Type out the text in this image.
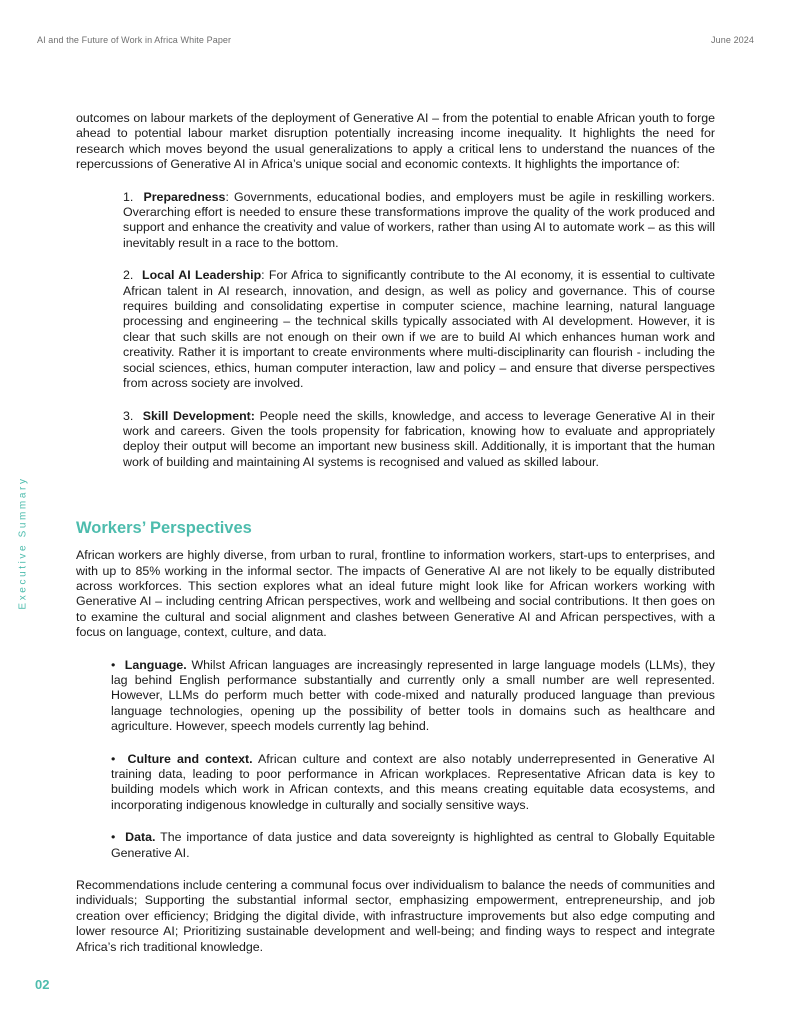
AI and the Future of Work in Africa White Paper	June 2024
Executive Summary

outcomes on labour markets of the deployment of Generative AI – from the potential to enable African youth to forge ahead to potential labour market disruption potentially increasing income inequality. It highlights the need for research which moves beyond the usual generalizations to apply a critical lens to understand the nuances of the repercussions of Generative AI in Africa’s unique social and economic contexts. It highlights the importance of:

1. Preparedness: Governments, educational bodies, and employers must be agile in reskilling workers. Overarching effort is needed to ensure these transformations improve the quality of the work produced and support and enhance the creativity and value of workers, rather than using AI to automate work – as this will inevitably result in a race to the bottom.

2. Local AI Leadership: For Africa to significantly contribute to the AI economy, it is essential to cultivate African talent in AI research, innovation, and design, as well as policy and governance. This of course requires building and consolidating expertise in computer science, machine learning, natural language processing and engineering – the technical skills typically associated with AI development. However, it is clear that such skills are not enough on their own if we are to build AI which enhances human work and creativity. Rather it is important to create environments where multi-disciplinarity can flourish - including the social sciences, ethics, human computer interaction, law and policy – and ensure that diverse perspectives from across society are involved.

3. Skill Development: People need the skills, knowledge, and access to leverage Generative AI in their work and careers. Given the tools propensity for fabrication, knowing how to evaluate and appropriately deploy their output will become an important new business skill. Additionally, it is important that the human work of building and maintaining AI systems is recognised and valued as skilled labour.

Workers’ Perspectives

African workers are highly diverse, from urban to rural, frontline to information workers, start-ups to enterprises, and with up to 85% working in the informal sector. The impacts of Generative AI are not likely to be equally distributed across workforces. This section explores what an ideal future might look like for African workers working with Generative AI – including centring African perspectives, work and wellbeing and social contributions. It then goes on to examine the cultural and social alignment and clashes between Generative AI and African perspectives, with a focus on language, context, culture, and data.

• Language. Whilst African languages are increasingly represented in large language models (LLMs), they lag behind English performance substantially and currently only a small number are well represented. However, LLMs do perform much better with code-mixed and naturally produced language than previous language technologies, opening up the possibility of better tools in domains such as healthcare and agriculture. However, speech models currently lag behind.

• Culture and context. African culture and context are also notably underrepresented in Generative AI training data, leading to poor performance in African workplaces. Representative African data is key to building models which work in African contexts, and this means creating equitable data ecosystems, and incorporating indigenous knowledge in culturally and socially sensitive ways.

• Data. The importance of data justice and data sovereignty is highlighted as central to Globally Equitable Generative AI.

Recommendations include centering a communal focus over individualism to balance the needs of communities and individuals; Supporting the substantial informal sector, emphasizing empowerment, entrepreneurship, and job creation over efficiency; Bridging the digital divide, with infrastructure improvements but also edge computing and lower resource AI; Prioritizing sustainable development and well-being; and finding ways to respect and integrate Africa’s rich traditional knowledge.

02
